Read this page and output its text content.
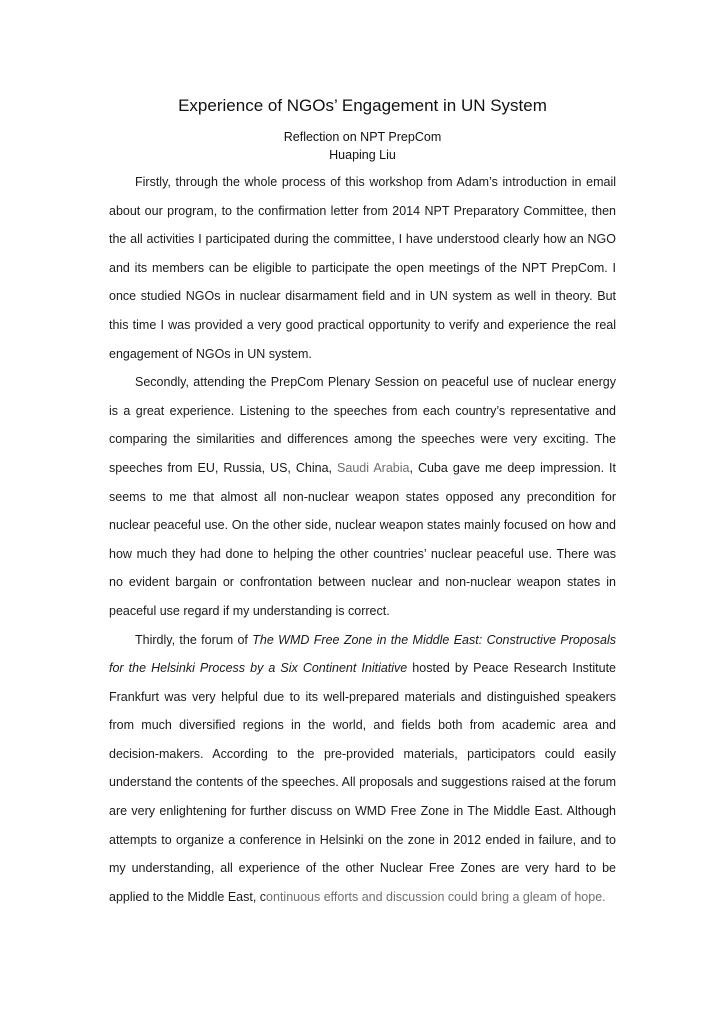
Experience of NGOs’ Engagement in UN System
Reflection on NPT PrepCom
Huaping Liu

Firstly, through the whole process of this workshop from Adam’s introduction in email about our program, to the confirmation letter from 2014 NPT Preparatory Committee, then the all activities I participated during the committee, I have understood clearly how an NGO and its members can be eligible to participate the open meetings of the NPT PrepCom. I once studied NGOs in nuclear disarmament field and in UN system as well in theory. But this time I was provided a very good practical opportunity to verify and experience the real engagement of NGOs in UN system.

Secondly, attending the PrepCom Plenary Session on peaceful use of nuclear energy is a great experience. Listening to the speeches from each country’s representative and comparing the similarities and differences among the speeches were very exciting. The speeches from EU, Russia, US, China, Saudi Arabia, Cuba gave me deep impression. It seems to me that almost all non-nuclear weapon states opposed any precondition for nuclear peaceful use. On the other side, nuclear weapon states mainly focused on how and how much they had done to helping the other countries’ nuclear peaceful use. There was no evident bargain or confrontation between nuclear and non-nuclear weapon states in peaceful use regard if my understanding is correct.

Thirdly, the forum of The WMD Free Zone in the Middle East: Constructive Proposals for the Helsinki Process by a Six Continent Initiative hosted by Peace Research Institute Frankfurt was very helpful due to its well-prepared materials and distinguished speakers from much diversified regions in the world, and fields both from academic area and decision-makers. According to the pre-provided materials, participators could easily understand the contents of the speeches. All proposals and suggestions raised at the forum are very enlightening for further discuss on WMD Free Zone in The Middle East. Although attempts to organize a conference in Helsinki on the zone in 2012 ended in failure, and to my understanding, all experience of the other Nuclear Free Zones are very hard to be applied to the Middle East, continuous efforts and discussion could bring a gleam of hope.
